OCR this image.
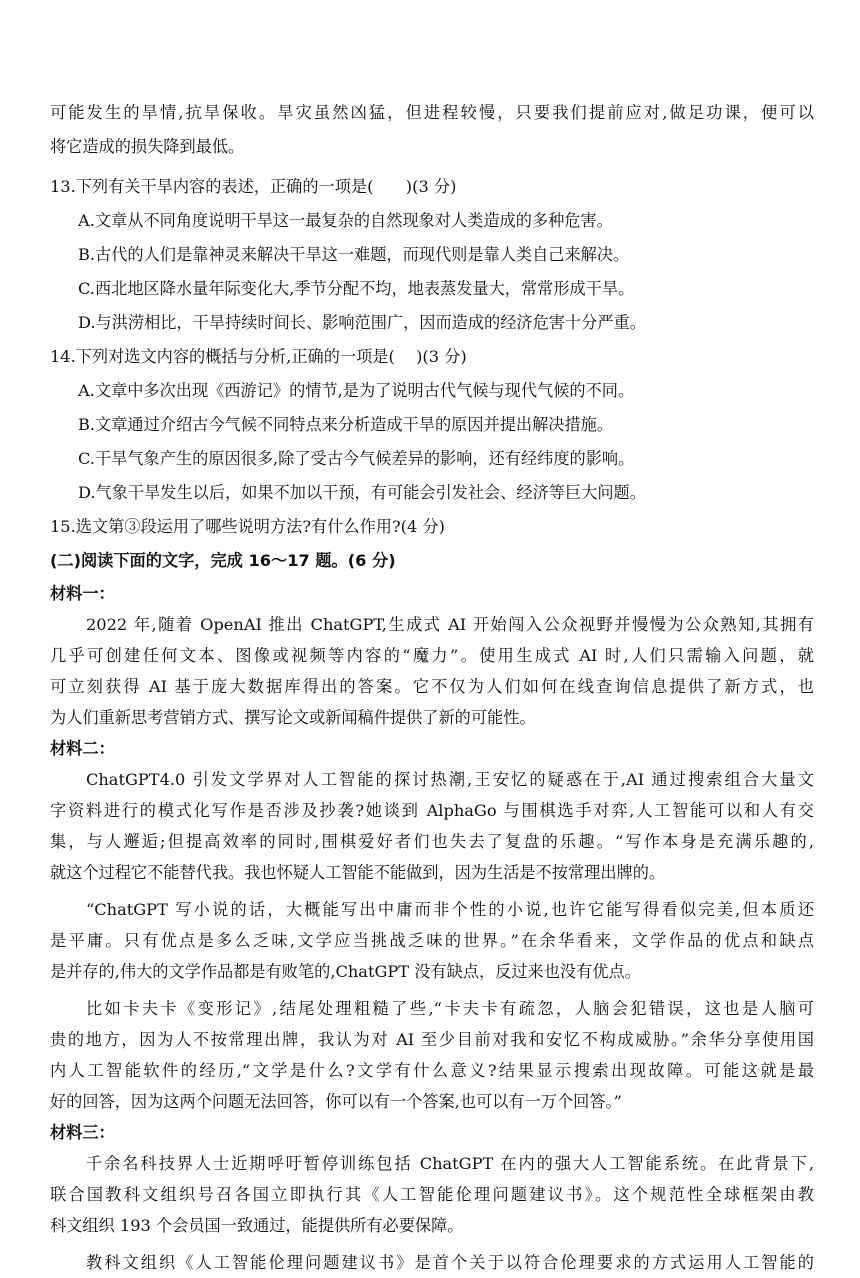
可能发生的旱情,抗旱保收。旱灾虽然凶猛，但进程较慢，只要我们提前应对,做足功课，便可以
将它造成的损失降到最低。
13.下列有关干旱内容的表述，正确的一项是(　　)(3 分)
A.文章从不同角度说明干旱这一最复杂的自然现象对人类造成的多种危害。
B.古代的人们是靠神灵来解决干旱这一难题，而现代则是靠人类自己来解决。
C.西北地区降水量年际变化大,季节分配不均，地表蒸发量大，常常形成干旱。
D.与洪涝相比，干旱持续时间长、影响范围广，因而造成的经济危害十分严重。
14.下列对选文内容的概括与分析,正确的一项是(　 )(3 分)
A.文章中多次出现《西游记》的情节,是为了说明古代气候与现代气候的不同。
B.文章通过介绍古今气候不同特点来分析造成干旱的原因并提出解决措施。
C.干旱气象产生的原因很多,除了受古今气候差异的影响，还有经纬度的影响。
D.气象干旱发生以后，如果不加以干预，有可能会引发社会、经济等巨大问题。
15.选文第③段运用了哪些说明方法?有什么作用?(4 分)
(二)阅读下面的文字，完成 16～17 题。(6 分)
材料一：
2022 年,随着 OpenAI 推出 ChatGPT,生成式 AI 开始闯入公众视野并慢慢为公众熟知,其拥有
几乎可创建任何文本、图像或视频等内容的“魔力”。使用生成式 AI 时,人们只需输入问题，就
可立刻获得 AI 基于庞大数据库得出的答案。它不仅为人们如何在线查询信息提供了新方式，也
为人们重新思考营销方式、撰写论文或新闻稿件提供了新的可能性。
材料二：
ChatGPT4.0 引发文学界对人工智能的探讨热潮,王安忆的疑惑在于,AI 通过搜索组合大量文
字资料进行的模式化写作是否涉及抄袭?她谈到 AlphaGo 与围棋选手对弈,人工智能可以和人有交
集，与人邂逅;但提高效率的同时,围棋爱好者们也失去了复盘的乐趣。“写作本身是充满乐趣的,
就这个过程它不能替代我。我也怀疑人工智能不能做到，因为生活是不按常理出牌的。
“ChatGPT 写小说的话，大概能写出中庸而非个性的小说,也许它能写得看似完美,但本质还
是平庸。只有优点是多么乏味,文学应当挑战乏味的世界。”在余华看来，文学作品的优点和缺点
是并存的,伟大的文学作品都是有败笔的,ChatGPT 没有缺点，反过来也没有优点。
比如卡夫卡《变形记》,结尾处理粗糙了些,“卡夫卡有疏忽，人脑会犯错误，这也是人脑可
贵的地方，因为人不按常理出牌，我认为对 AI 至少目前对我和安忆不构成威胁。”余华分享使用国
内人工智能软件的经历,“文学是什么?文学有什么意义?结果显示搜索出现故障。可能这就是最
好的回答，因为这两个问题无法回答，你可以有一个答案,也可以有一万个回答。”
材料三：
千余名科技界人士近期呼吁暂停训练包括 ChatGPT 在内的强大人工智能系统。在此背景下,
联合国教科文组织号召各国立即执行其《人工智能伦理问题建议书》。这个规范性全球框架由教
科文组织 193 个会员国一致通过，能提供所有必要保障。
教科文组织《人工智能伦理问题建议书》是首个关于以符合伦理要求的方式运用人工智能的
